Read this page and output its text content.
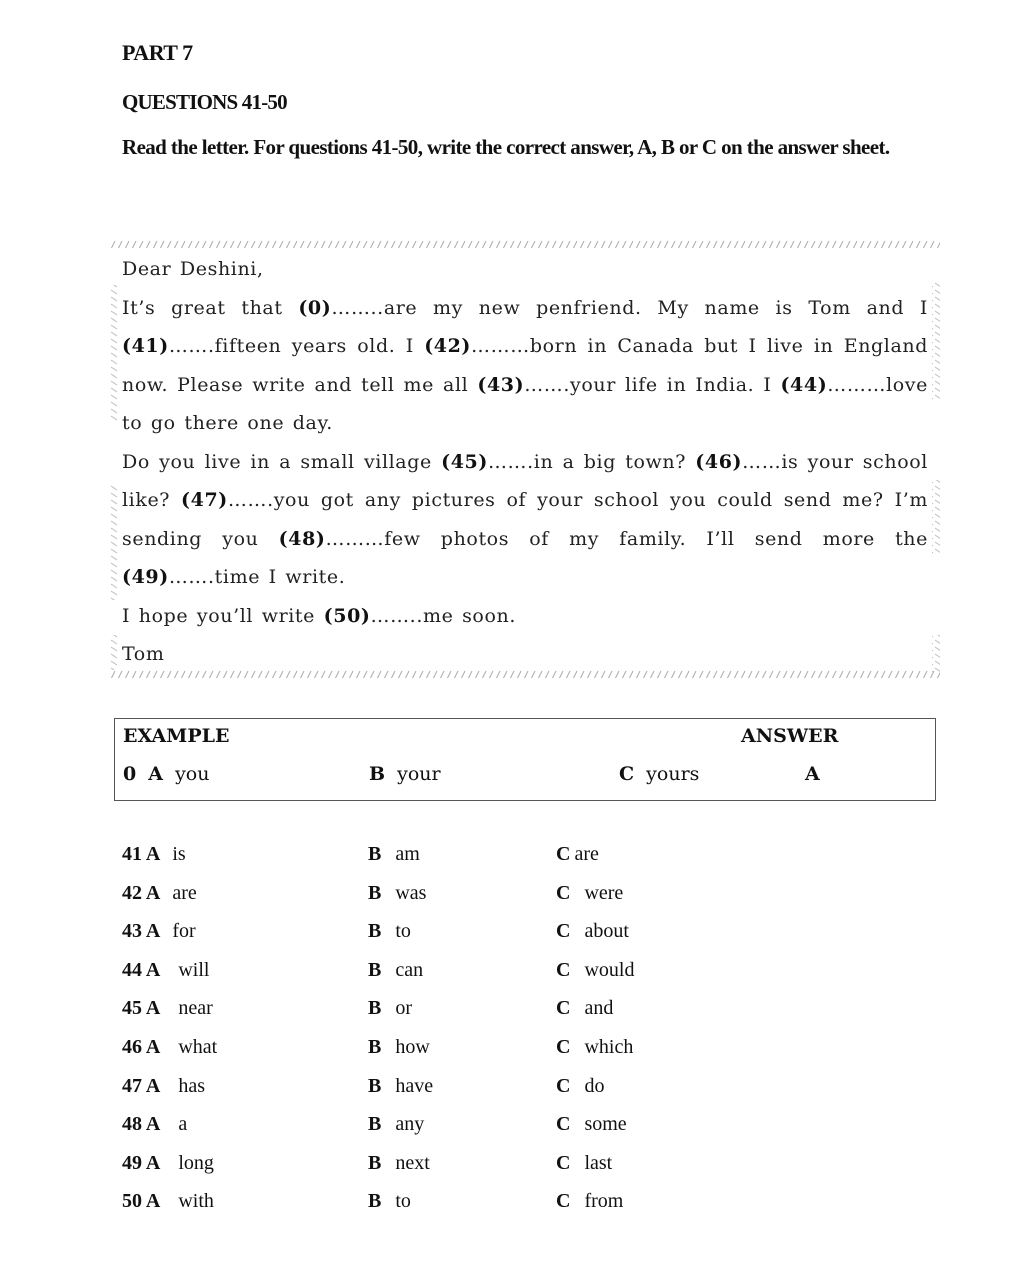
PART 7
QUESTIONS 41-50
Read the letter. For questions 41-50, write the correct answer, A, B or C on the answer sheet.

Dear Deshini,

It’s great that (0)……..are my new penfriend. My name is Tom and I (41)…….fifteen years old. I (42)………born in Canada but I live in England now. Please write and tell me all (43)…….your life in India. I (44)………love to go there one day.

Do you live in a small village (45)…….in a big town? (46)……is your school like? (47)…….you got any pictures of your school you could send me? I’m sending you (48)………few photos of my family. I’ll send more the (49)…….time I write.

I hope you’ll write (50)……..me soon.

Tom

EXAMPLE	ANSWER
0 A you	B your	C yours	A
41 A is	B am	C are
42 A are	B was	C were
43 A for	B to	C about
44 A will	B can	C would
45 A near	B or	C and
46 A what	B how	C which
47 A has	B have	C do
48 A a	B any	C some
49 A long	B next	C last
50 A with	B to	C from
